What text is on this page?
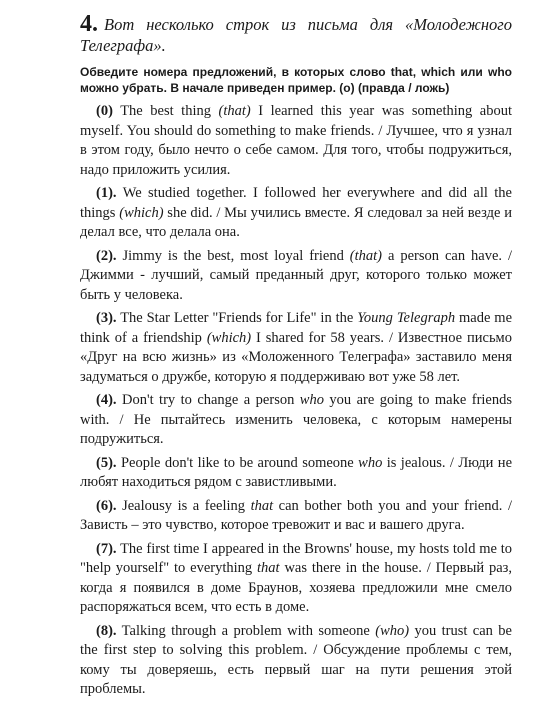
4. Вот несколько строк из письма для «Молодежного Телеграфа».

Обведите номера предложений, в которых слово that, which или who можно убрать. В начале приведен пример. (о) (правда / ложь)

(0) The best thing (that) I learned this year was something about myself. You should do something to make friends. / Лучшее, что я узнал в этом году, было нечто о себе самом. Для того, чтобы подружиться, надо приложить усилия.

(1). We studied together. I followed her everywhere and did all the things (which) she did. / Мы учились вместе. Я следовал за ней везде и делал все, что делала она.

(2). Jimmy is the best, most loyal friend (that) a person can have. / Джимми - лучший, самый преданный друг, которого только может быть у человека.

(3). The Star Letter "Friends for Life" in the Young Telegraph made me think of a friendship (which) I shared for 58 years. / Известное письмо «Друг на всю жизнь» из «Моложенного Телеграфа» заставило меня задуматься о дружбе, которую я поддерживаю вот уже 58 лет.

(4). Don't try to change a person who you are going to make friends with. / Не пытайтесь изменить человека, с которым намерены подружиться.

(5). People don't like to be around someone who is jealous. / Люди не любят находиться рядом с завистливыми.

(6). Jealousy is a feeling that can bother both you and your friend. / Зависть – это чувство, которое тревожит и вас и вашего друга.

(7). The first time I appeared in the Browns' house, my hosts told me to "help yourself" to everything that was there in the house. / Первый раз, когда я появился в доме Браунов, хозяева предложили мне смело распоряжаться всем, что есть в доме.

(8). Talking through a problem with someone (who) you trust can be the first step to solving this problem. / Обсуждение проблемы с тем, кому ты доверяешь, есть первый шаг на пути решения этой проблемы.
